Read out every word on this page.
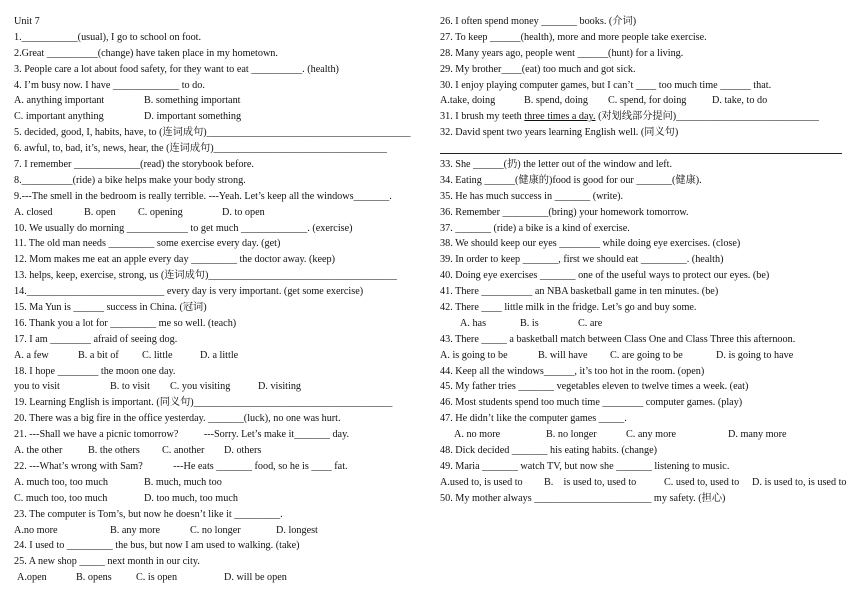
Unit 7
1.___________(usual), I go to school on foot.
2.Great __________(change) have taken place in my hometown.
3. People care a lot about food safety, for they want to eat __________. (health)
4. I’m busy now. I have _____________ to do.
A. anything important	B. something important
C. important anything	D. important something
5. decided, good, I, habits, have, to (连词成句)________________________________________
6. awful, to, bad, it’s, news, hear, the (连词成句)__________________________________
7. I remember _____________(read) the storybook before.
8.__________(ride) a bike helps make your body strong.
9.---The smell in the bedroom is really terrible. ---Yeah. Let’s keep all the windows_______.
A. closed	B. open C. opening	D. to open
10. We usually do morning ____________ to get much _____________. (exercise)
11. The old man needs _________ some exercise every day. (get)
12. Mom makes me eat an apple every day _________ the doctor away. (keep)
13. helps, keep, exercise, strong, us (连词成句)_____________________________________
14.___________________________ every day is very important. (get some exercise)
15. Ma Yun is ______ success in China. (冠词)
16. Thank you a lot for _________ me so well. (teach)
17. I am ________ afraid of seeing dog.
A. a few	B. a bit of C. little	D. a little
18. I hope ________ the moon one day.
you to visit	B. to visit C. you visiting	D. visiting
19. Learning English is important. (同义句)_______________________________________
20. There was a big fire in the office yesterday. _______(luck), no one was hurt.
21. ---Shall we have a picnic tomorrow?          ---Sorry. Let’s make it_______ day.
A. the other	B. the others C. another D. others
22. ---What’s wrong with Sam?            ---He eats _______ food, so he is ____ fat.
A. much too, too much	B. much, much too
C. much too, too much	D. too much, too much
23. The computer is Tom’s, but now he doesn’t like it _________.
A.no more	B. any more	C. no longer	D. longest
24. I used to _________ the bus, but now I am used to walking. (take)
25. A new shop _____ next month in our city.
A.open	B. opens C. is open	D. will be open
26. I often spend money _______ books. (介词)
27. To keep ______(health), more and more people take exercise.
28. Many years ago, people went ______(hunt) for a living.
29. My brother____(eat) too much and got sick.
30. I enjoy playing computer games, but I can’t ____ too much time ______ that.
A.take, doing	B. spend, doing C. spend, for doing	D. take, to do
31. I brush my teeth three times a day. (对划线部分提问)____________________________
32. David spent two years learning English well. (同义句)
33. She ______(扔) the letter out of the window and left.
34. Eating ______(健康的)food is good for our _______(健康).
35. He has much success in _______ (write).
36. Remember _________(bring) your homework tomorrow.
37. _______ (ride) a bike is a kind of exercise.
38. We should keep our eyes ________ while doing eye exercises. (close)
39. In order to keep _______, first we should eat _________. (health)
40. Doing eye exercises _______ one of the useful ways to protect our eyes. (be)
41. There __________ an NBA basketball game in ten minutes. (be)
42. There ____ little milk in the fridge. Let’s go and buy some.
A. has	B. is	C. are
43. There _____ a basketball match between Class One and Class Three this afternoon.
A. is going to be	B. will have C. are going to be	D. is going to have
44. Keep all the windows______, it’s too hot in the room. (open)
45. My father tries _______ vegetables eleven to twelve times a week. (eat)
46. Most students spend too much time ________ computer games. (play)
47. He didn’t like the computer games _____.
A. no more	B. no longer	C. any more	D. many more
48. Dick decided _______ his eating habits. (change)
49. Maria _______ watch TV, but now she _______ listening to music.
A.used to, is used to B.    is used to, used to	C. used to, used to D. is used to, is used to
50. My mother always _______________________ my safety. (担心)
